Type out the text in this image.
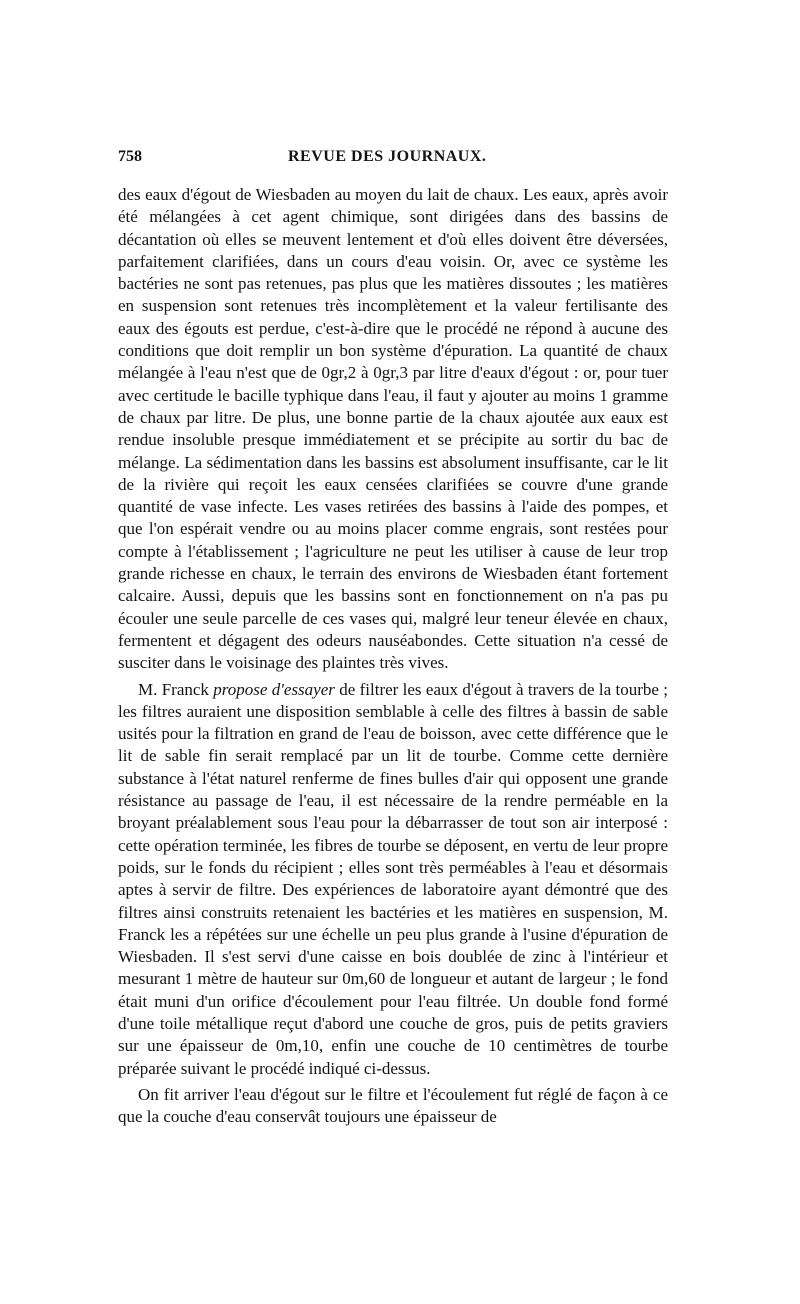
758	REVUE DES JOURNAUX.

des eaux d'égout de Wiesbaden au moyen du lait de chaux. Les eaux, après avoir été mélangées à cet agent chimique, sont dirigées dans des bassins de décantation où elles se meuvent lentement et d'où elles doivent être déversées, parfaitement clarifiées, dans un cours d'eau voisin. Or, avec ce système les bactéries ne sont pas retenues, pas plus que les matières dissoutes ; les matières en suspension sont retenues très incomplètement et la valeur fertilisante des eaux des égouts est perdue, c'est-à-dire que le procédé ne répond à aucune des conditions que doit remplir un bon système d'épuration. La quantité de chaux mélangée à l'eau n'est que de 0gr,2 à 0gr,3 par litre d'eaux d'égout : or, pour tuer avec certitude le bacille typhique dans l'eau, il faut y ajouter au moins 1 gramme de chaux par litre. De plus, une bonne partie de la chaux ajoutée aux eaux est rendue insoluble presque immédiatement et se précipite au sortir du bac de mélange. La sédimentation dans les bassins est absolument insuffisante, car le lit de la rivière qui reçoit les eaux censées clarifiées se couvre d'une grande quantité de vase infecte. Les vases retirées des bassins à l'aide des pompes, et que l'on espérait vendre ou au moins placer comme engrais, sont restées pour compte à l'établissement ; l'agriculture ne peut les utiliser à cause de leur trop grande richesse en chaux, le terrain des environs de Wiesbaden étant fortement calcaire. Aussi, depuis que les bassins sont en fonctionnement on n'a pas pu écouler une seule parcelle de ces vases qui, malgré leur teneur élevée en chaux, fermentent et dégagent des odeurs nauséabondes. Cette situation n'a cessé de susciter dans le voisinage des plaintes très vives.

M. Franck propose d'essayer de filtrer les eaux d'égout à travers de la tourbe ; les filtres auraient une disposition semblable à celle des filtres à bassin de sable usités pour la filtration en grand de l'eau de boisson, avec cette différence que le lit de sable fin serait remplacé par un lit de tourbe. Comme cette dernière substance à l'état naturel renferme de fines bulles d'air qui opposent une grande résistance au passage de l'eau, il est nécessaire de la rendre perméable en la broyant préalablement sous l'eau pour la débarrasser de tout son air interposé : cette opération terminée, les fibres de tourbe se déposent, en vertu de leur propre poids, sur le fonds du récipient ; elles sont très perméables à l'eau et désormais aptes à servir de filtre. Des expériences de laboratoire ayant démontré que des filtres ainsi construits retenaient les bactéries et les matières en suspension, M. Franck les a répétées sur une échelle un peu plus grande à l'usine d'épuration de Wiesbaden. Il s'est servi d'une caisse en bois doublée de zinc à l'intérieur et mesurant 1 mètre de hauteur sur 0m,60 de longueur et autant de largeur ; le fond était muni d'un orifice d'écoulement pour l'eau filtrée. Un double fond formé d'une toile métallique reçut d'abord une couche de gros, puis de petits graviers sur une épaisseur de 0m,10, enfin une couche de 10 centimètres de tourbe préparée suivant le procédé indiqué ci-dessus.

On fit arriver l'eau d'égout sur le filtre et l'écoulement fut réglé de façon à ce que la couche d'eau conservât toujours une épaisseur de
